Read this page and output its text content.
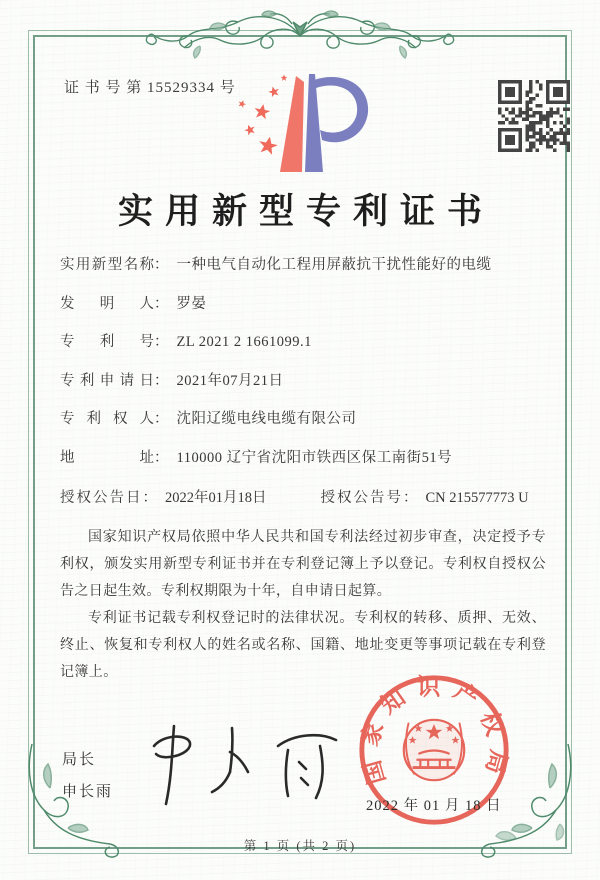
证 书 号 第 15529334 号
实用新型专利证书
实用新型名称 ： 一种电气自动化工程用屏蔽抗干扰性能好的电缆
发明人 ： 罗晏
专利号 ： ZL 2021 2 1661099.1
专利申请日 ： 2021年07月21日
专利权人 ： 沈阳辽缆电线电缆有限公司
地址 ： 110000 辽宁省沈阳市铁西区保工南街51号
授权公告日 ： 2022年01月18日	授权公告号 ： CN 215577773 U

国家知识产权局依照中华人民共和国专利法经过初步审查，决定授予专利权，颁发实用新型专利证书并在专利登记簿上予以登记。专利权自授权公告之日起生效。专利权期限为十年，自申请日起算。

专利证书记载专利权登记时的法律状况。专利权的转移、质押、无效、终止、恢复和专利权人的姓名或名称、国籍、地址变更等事项记载在专利登记簿上。

局长
申长雨
国家知识产权局
2022 年 01 月 18 日
第 1 页 (共 2 页)
